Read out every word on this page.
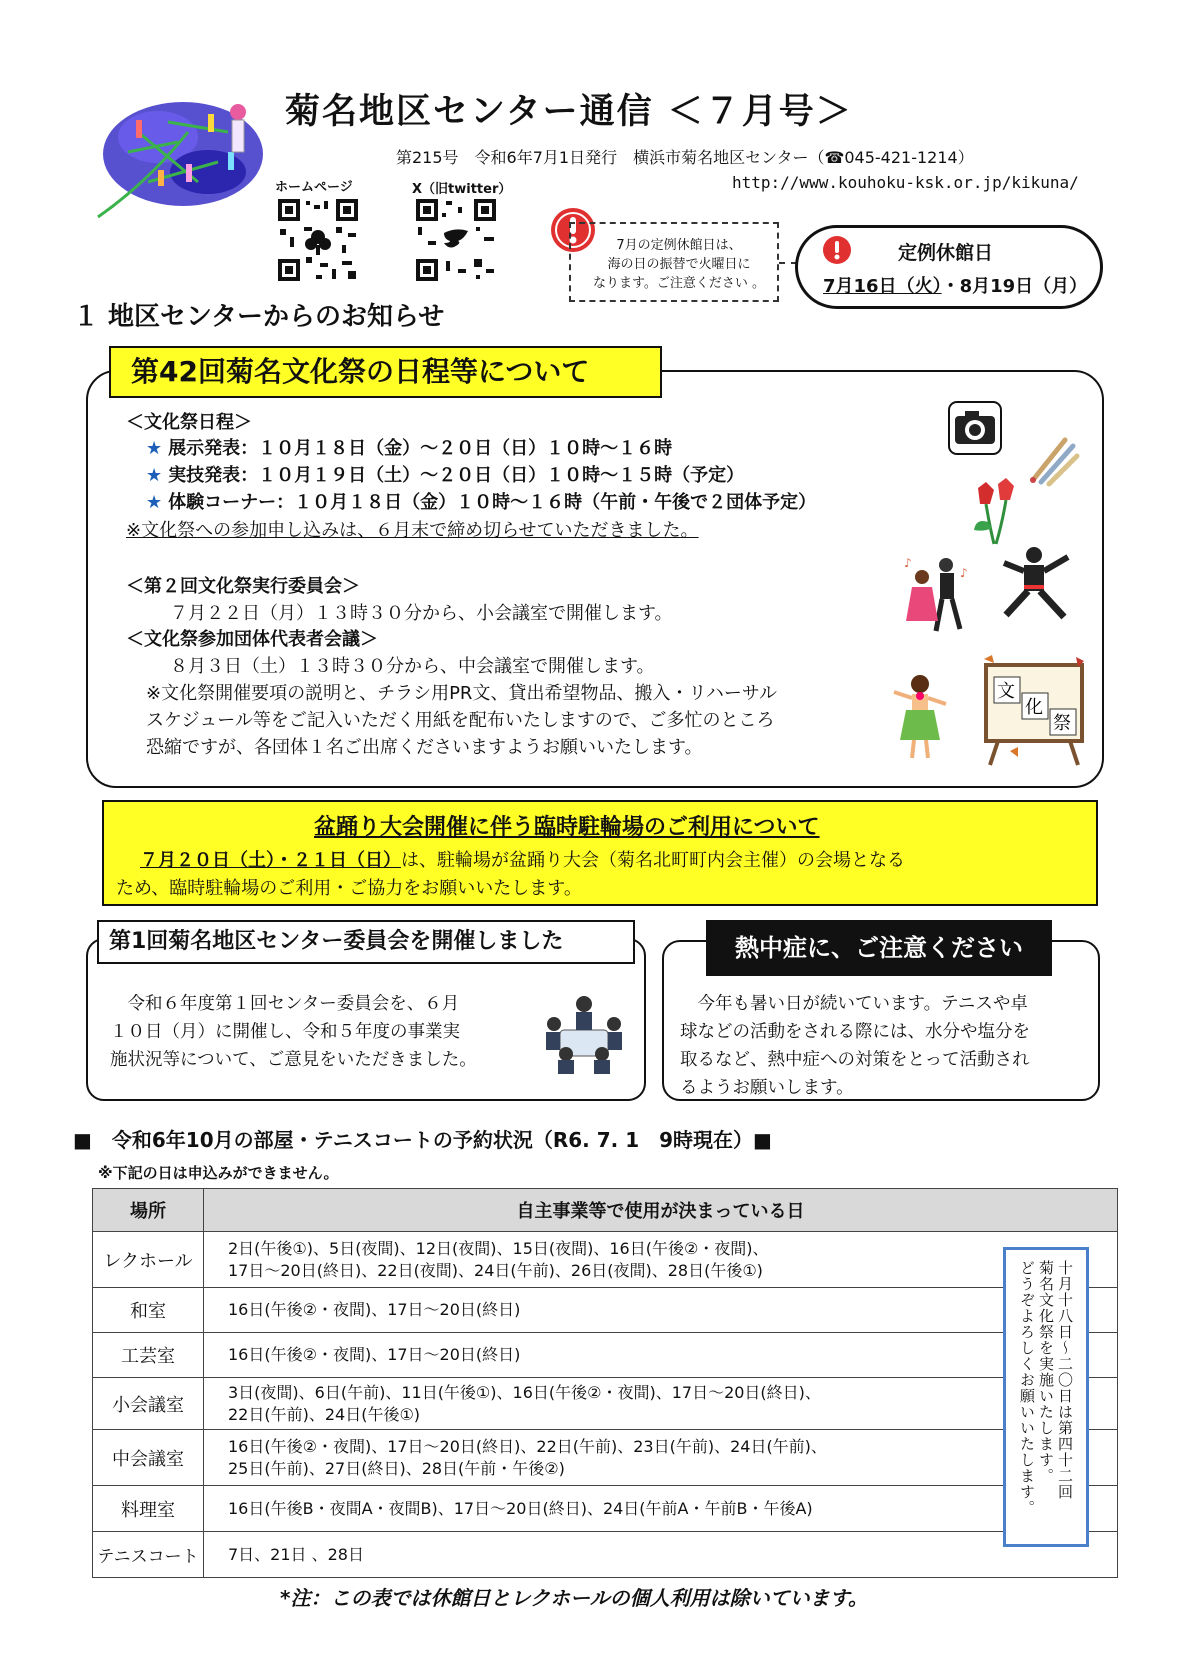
菊名地区センター通信 ＜７月号＞
第215号　令和6年7月1日発行　横浜市菊名地区センター（☎045-421-1214）
http://www.kouhoku-ksk.or.jp/kikuna/
ホームページ	X（旧twitter）
7月の定例休館日は、
海の日の振替で火曜日に
なります。ご注意ください 。
定例休館日
7月16日（火）・8月19日（月）
１ 地区センターからのお知らせ
第42回菊名文化祭の日程等について
＜文化祭日程＞
★ 展示発表：１０月１８日（金）～２０日（日）１０時～１６時
★ 実技発表：１０月１９日（土）～２０日（日）１０時～１５時（予定）
★ 体験コーナー：１０月１８日（金）１０時～１６時（午前・午後で２団体予定）
※文化祭への参加申し込みは、６月末で締め切らせていただきました。
＜第２回文化祭実行委員会＞
７月２２日（月）１３時３０分から、小会議室で開催します。
＜文化祭参加団体代表者会議＞
８月３日（土）１３時３０分から、中会議室で開催します。
※文化祭開催要項の説明と、チラシ用PR文、貸出希望物品、搬入・リハーサル
スケジュール等をご記入いただく用紙を配布いたしますので、ご多忙のところ
恐縮ですが、各団体１名ご出席くださいますようお願いいたします。
♪
♪
文
化
祭
盆踊り大会開催に伴う臨時駐輪場のご利用について
７月２０日（土）・２１日（日）は、駐輪場が盆踊り大会（菊名北町町内会主催）の会場となる
ため、臨時駐輪場のご利用・ご協力をお願いいたします。
第1回菊名地区センター委員会を開催しました
　令和６年度第１回センター委員会を、６月
１０日（月）に開催し、令和５年度の事業実
施状況等について、ご意見をいただきました。
熱中症に、ご注意ください
　今年も暑い日が続いています。テニスや卓
球などの活動をされる際には、水分や塩分を
取るなど、熱中症への対策をとって活動され
るようお願いします。
■　令和6年10月の部屋・テニスコートの予約状況（R6. 7. 1　9時現在）■
※下記の日は申込みができません。
場所	自主事業等で使用が決まっている日
レクホール	2日(午後①)、5日(夜間)、12日(夜間)、15日(夜間)、16日(午後②・夜間)、
17日～20日(終日)、22日(夜間)、24日(午前)、26日(夜間)、28日(午後①)

和室	16日(午後②・夜間)、17日～20日(終日)

工芸室	16日(午後②・夜間)、17日～20日(終日)

小会議室	3日(夜間)、6日(午前)、11日(午後①)、16日(午後②・夜間)、17日～20日(終日)、
22日(午前)、24日(午後①)

中会議室	16日(午後②・夜間)、17日～20日(終日)、22日(午前)、23日(午前)、24日(午前)、
25日(午前)、27日(終日)、28日(午前・午後②)

料理室	16日(午後B・夜間A・夜間B)、17日～20日(終日)、24日(午前A・午前B・午後A)

テニスコート	7日、21日 、28日
十月十八日～二〇日は第四十二回
菊名文化祭を実施いたします。
どうぞよろしくお願いいたします。
*注：この表では休館日とレクホールの個人利用は除いています。
